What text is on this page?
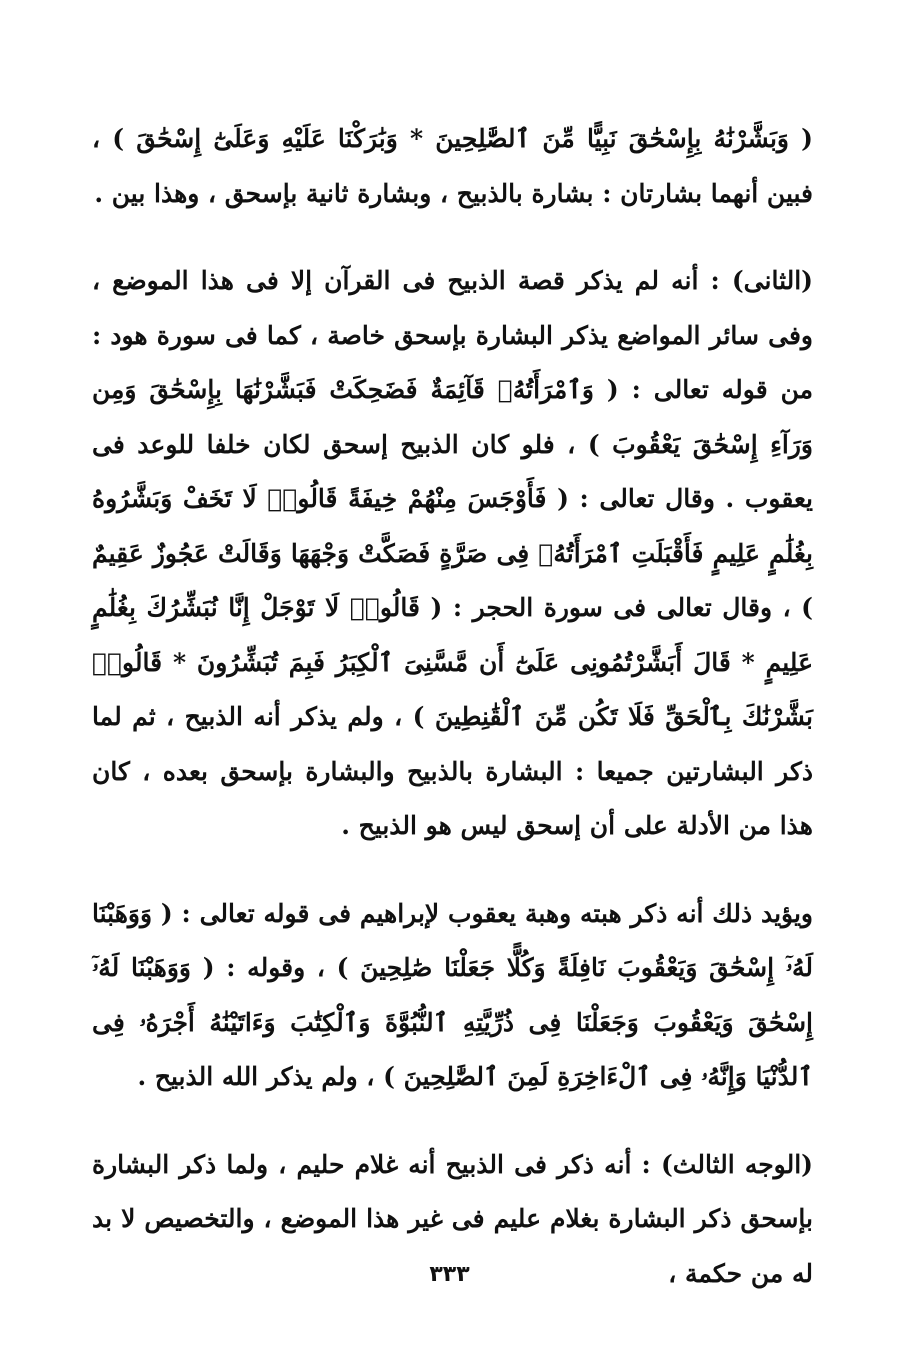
( وَبَشَّرْنَٰهُ بِإِسْحَٰقَ نَبِيًّا مِّنَ ٱلصَّٰلِحِينَ * وَبَٰرَكْنَا عَلَيْهِ وَعَلَىٰٓ إِسْحَٰقَ ) ، فبين أنهما بشارتان : بشارة بالذبيح ، وبشارة ثانية بإسحق ، وهذا بين .

(الثانى) : أنه لم يذكر قصة الذبيح فى القرآن إلا فى هذا الموضع ، وفى سائر المواضع يذكر البشارة بإسحق خاصة ، كما فى سورة هود : من قوله تعالى : ( وَٱمْرَأَتُهُۥ قَآئِمَةٌ فَضَحِكَتْ فَبَشَّرْنَٰهَا بِإِسْحَٰقَ وَمِن وَرَآءِ إِسْحَٰقَ يَعْقُوبَ ) ، فلو كان الذبيح إسحق لكان خلفا للوعد فى يعقوب . وقال تعالى : ( فَأَوْجَسَ مِنْهُمْ خِيفَةً قَالُوا۟ لَا تَخَفْ وَبَشَّرُوهُ بِغُلَٰمٍ عَلِيمٍ فَأَقْبَلَتِ ٱمْرَأَتُهُۥ فِى صَرَّةٍ فَصَكَّتْ وَجْهَهَا وَقَالَتْ عَجُوزٌ عَقِيمٌ ) ، وقال تعالى فى سورة الحجر : ( قَالُوا۟ لَا تَوْجَلْ إِنَّا نُبَشِّرُكَ بِغُلَٰمٍ عَلِيمٍ * قَالَ أَبَشَّرْتُمُونِى عَلَىٰٓ أَن مَّسَّنِىَ ٱلْكِبَرُ فَبِمَ تُبَشِّرُونَ * قَالُوا۟ بَشَّرْنَٰكَ بِٱلْحَقِّ فَلَا تَكُن مِّنَ ٱلْقَٰنِطِينَ ) ، ولم يذكر أنه الذبيح ، ثم لما ذكر البشارتين جميعا : البشارة بالذبيح والبشارة بإسحق بعده ، كان هذا من الأدلة على أن إسحق ليس هو الذبيح .

ويؤيد ذلك أنه ذكر هبته وهبة يعقوب لإبراهيم فى قوله تعالى : ( وَوَهَبْنَا لَهُۥٓ إِسْحَٰقَ وَيَعْقُوبَ نَافِلَةً وَكُلًّا جَعَلْنَا صَٰلِحِينَ ) ، وقوله : ( وَوَهَبْنَا لَهُۥٓ إِسْحَٰقَ وَيَعْقُوبَ وَجَعَلْنَا فِى ذُرِّيَّتِهِ ٱلنُّبُوَّةَ وَٱلْكِتَٰبَ وَءَاتَيْنَٰهُ أَجْرَهُۥ فِى ٱلدُّنْيَا وَإِنَّهُۥ فِى ٱلْءَاخِرَةِ لَمِنَ ٱلصَّٰلِحِينَ ) ، ولم يذكر الله الذبيح .

(الوجه الثالث) : أنه ذكر فى الذبيح أنه غلام حليم ، ولما ذكر البشارة بإسحق ذكر البشارة بغلام عليم فى غير هذا الموضع ، والتخصيص لا بد له من حكمة ،

٣٣٣
